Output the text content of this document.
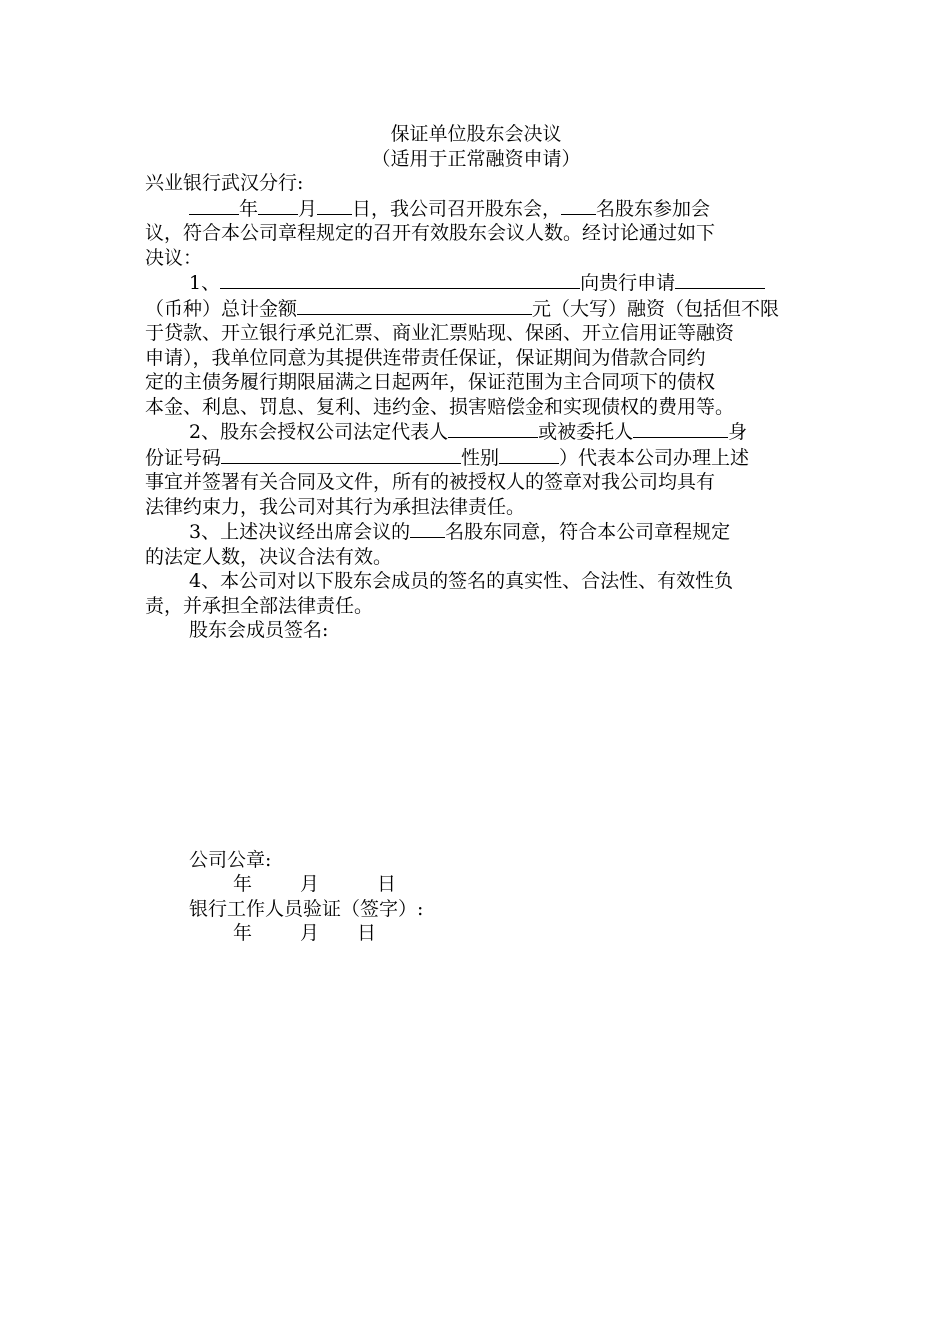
保证单位股东会决议
（适用于正常融资申请）
兴业银行武汉分行:
年 月 日，我公司召开股东会， 名股东参加会
议，符合本公司章程规定的召开有效股东会议人数。经讨论通过如下
决议：
1、	向贵行申请
（币种）总计金额	元（大写）融资（包括但不限
于贷款、开立银行承兑汇票、商业汇票贴现、保函、开立信用证等融资
申请），我单位同意为其提供连带责任保证，保证期间为借款合同约
定的主债务履行期限届满之日起两年，保证范围为主合同项下的债权
本金、利息、罚息、复利、违约金、损害赔偿金和实现债权的费用等。
2、股东会授权公司法定代表人	或被委托人	身
份证号码	性别	）代表本公司办理上述
事宜并签署有关合同及文件，所有的被授权人的签章对我公司均具有
法律约束力，我公司对其行为承担法律责任。
3、上述决议经出席会议的 名股东同意，符合本公司章程规定
的法定人数，决议合法有效。
4、本公司对以下股东会成员的签名的真实性、合法性、有效性负
责，并承担全部法律责任。
股东会成员签名:
公司公章:
年	月	日
银行工作人员验证（签字）:
年	月 日
